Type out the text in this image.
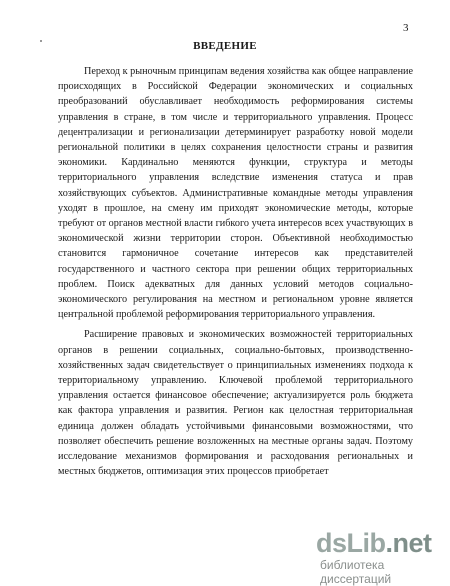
3
ВВЕДЕНИЕ

Переход к рыночным принципам ведения хозяйства как общее направление происходящих в Российской Федерации экономических и социальных преобразований обуславливает необходимость реформирования системы управления в стране, в том числе и территориального управления. Процесс децентрализации и регионализации детерминирует разработку новой модели региональной политики в целях сохранения целостности страны и развития экономики. Кардинально меняются функции, структура и методы территориального управления вследствие изменения статуса и прав хозяйствующих субъектов. Административные командные методы управления уходят в прошлое, на смену им приходят экономические методы, которые требуют от органов местной власти гибкого учета интересов всех участвующих в экономической жизни территории сторон. Объективной необходимостью становится гармоничное сочетание интересов как представителей государственного и частного сектора при решении общих территориальных проблем. Поиск адекватных для данных условий методов социально-экономического регулирования на местном и региональном уровне является центральной проблемой реформирования территориального управления.

Расширение правовых и экономических возможностей территориальных органов в решении социальных, социально-бытовых, производственно-хозяйственных задач свидетельствует о принципиальных изменениях подхода к территориальному управлению. Ключевой проблемой территориального управления остается финансовое обеспечение; актуализируется роль бюджета как фактора управления и развития. Регион как целостная территориальная единица должен обладать устойчивыми финансовыми возможностями, что позволяет обеспечить решение возложенных на местные органы задач. Поэтому исследование механизмов формирования и расходования региональных и местных бюджетов, оптимизация этих процессов приобретает

dsLib.net
библиотека диссертаций
